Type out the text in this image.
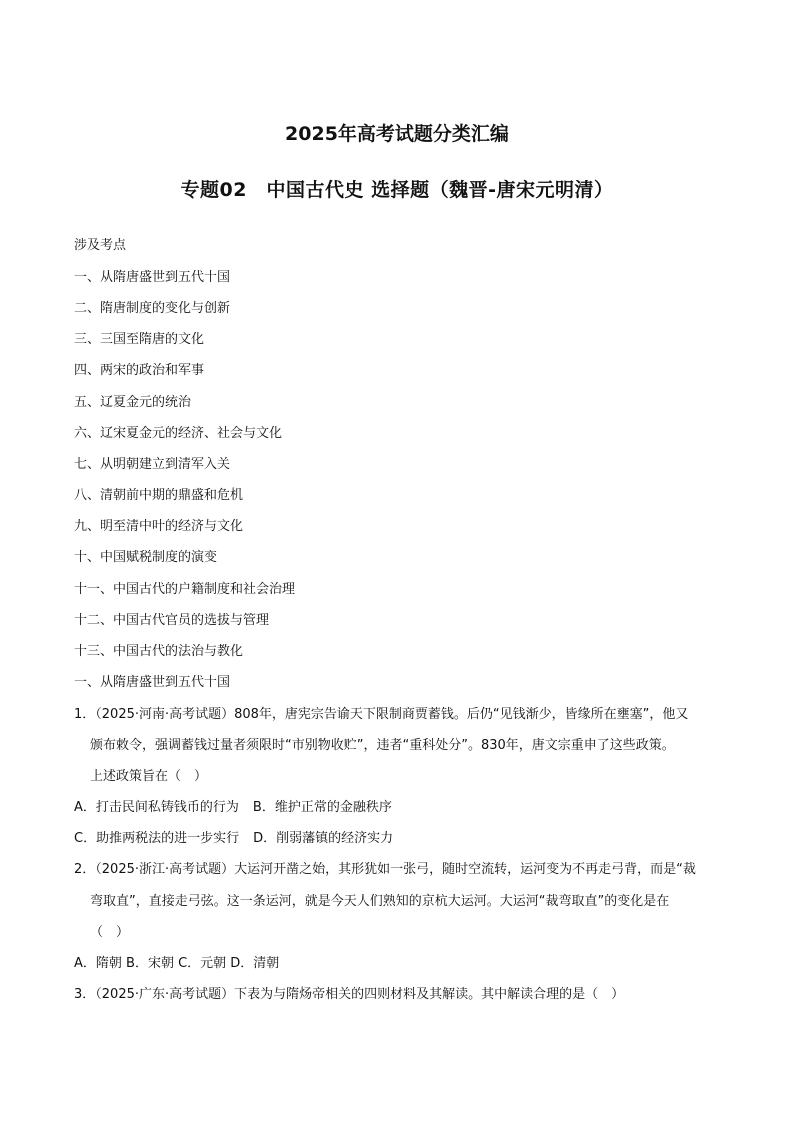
2025年高考试题分类汇编
专题02　中国古代史 选择题（魏晋-唐宋元明清）
涉及考点
一、从隋唐盛世到五代十国
二、隋唐制度的变化与创新
三、三国至隋唐的文化
四、两宋的政治和军事
五、辽夏金元的统治
六、辽宋夏金元的经济、社会与文化
七、从明朝建立到清军入关
八、清朝前中期的鼎盛和危机
九、明至清中叶的经济与文化
十、中国赋税制度的演变
十一、中国古代的户籍制度和社会治理
十二、中国古代官员的选拔与管理
十三、中国古代的法治与教化
一、从隋唐盛世到五代十国
1．（2025·河南·高考试题）808年，唐宪宗告谕天下限制商贾蓄钱。后仍“见钱渐少，皆缘所在壅塞”，他又
颁布敕令，强调蓄钱过量者须限时“市别物收贮”，违者“重科处分”。830年，唐文宗重申了这些政策。
上述政策旨在（　）
A．打击民间私铸钱币的行为 B．维护正常的金融秩序
C．助推两税法的进一步实行 D．削弱藩镇的经济实力
2．（2025·浙江·高考试题）大运河开凿之始，其形犹如一张弓，随时空流转，运河变为不再走弓背，而是“裁
弯取直”，直接走弓弦。这一条运河，就是今天人们熟知的京杭大运河。大运河“裁弯取直”的变化是在
（　）
A．隋朝 B．宋朝 C．元朝 D．清朝
3．（2025·广东·高考试题）下表为与隋炀帝相关的四则材料及其解读。其中解读合理的是（　）
